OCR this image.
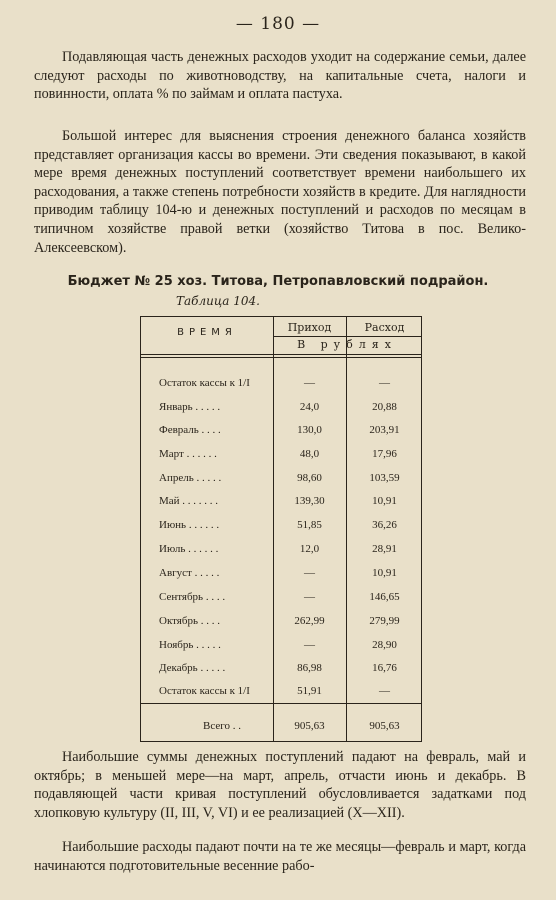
— 180 —

Подавляющая часть денежных расходов уходит на содержание семьи, далее следуют расходы по животноводству, на капитальные счета, налоги и повинности, оплата % по займам и оплата пастуха.

Большой интерес для выяснения строения денежного баланса хозяйств представляет организация кассы во времени. Эти сведения показывают, в какой мере время денежных поступлений соответствует времени наибольшего их расходования, а также степень потребности хозяйств в кредите. Для наглядности приводим таблицу 104-ю и денежных поступлений и расходов по месяцам в типичном хозяйстве правой ветки (хозяйство Титова в пос. Велико-Алексеевском).

Бюджет № 25 хоз. Титова, Петропавловский подрайон.
Таблица 104.
ВРЕМЯ	Приход	Расход
В рублях
Остаток кассы к 1/I	—	—
Январь . . . . .	24,0	20,88
Февраль . . . .	130,0	203,91
Март . . . . . .	48,0	17,96
Апрель . . . . .	98,60	103,59
Май . . . . . . .	139,30	10,91
Июнь . . . . . .	51,85	36,26
Июль . . . . . .	12,0	28,91
Август . . . . .	—	10,91
Сентябрь . . . .	—	146,65
Октябрь . . . .	262,99	279,99
Ноябрь . . . . .	—	28,90
Декабрь . . . . .	86,98	16,76
Остаток кассы к 1/I	51,91	—
Всего . .	905,63	905,63

Наибольшие суммы денежных поступлений падают на февраль, май и октябрь; в меньшей мере—на март, апрель, отчасти июнь и декабрь. В подавляющей части кривая поступлений обусловливается задатками под хлопковую культуру (II, III, V, VI) и ее реализацией (X—XII).

Наибольшие расходы падают почти на те же месяцы—февраль и март, когда начинаются подготовительные весенние рабо-
